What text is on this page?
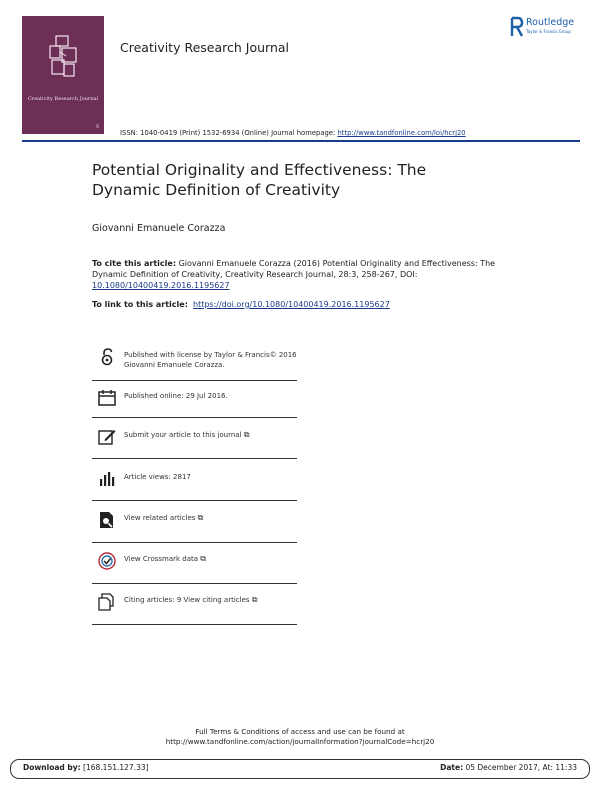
Creativity Research Journal
R
Creativity Research Journal
Routledge
Taylor & Francis Group
ISSN: 1040-0419 (Print) 1532-6934 (Online) Journal homepage: http://www.tandfonline.com/loi/hcrj20
Potential Originality and Effectiveness: The
Dynamic Definition of Creativity
Giovanni Emanuele Corazza
To cite this article: Giovanni Emanuele Corazza (2016) Potential Originality and Effectiveness: The Dynamic Definition of Creativity, Creativity Research Journal, 28:3, 258-267, DOI: 10.1080/10400419.2016.1195627
To link to this article: https://doi.org/10.1080/10400419.2016.1195627
Published with license by Taylor & Francis© 2016 Giovanni Emanuele Corazza.
Published online: 29 Jul 2016.
Submit your article to this journal ⧉
Article views: 2817
View related articles ⧉
View Crossmark data ⧉
Citing articles: 9 View citing articles ⧉
Full Terms & Conditions of access and use can be found at
http://www.tandfonline.com/action/journalInformation?journalCode=hcrj20
Download by: [168.151.127.33]	Date: 05 December 2017, At: 11:33
